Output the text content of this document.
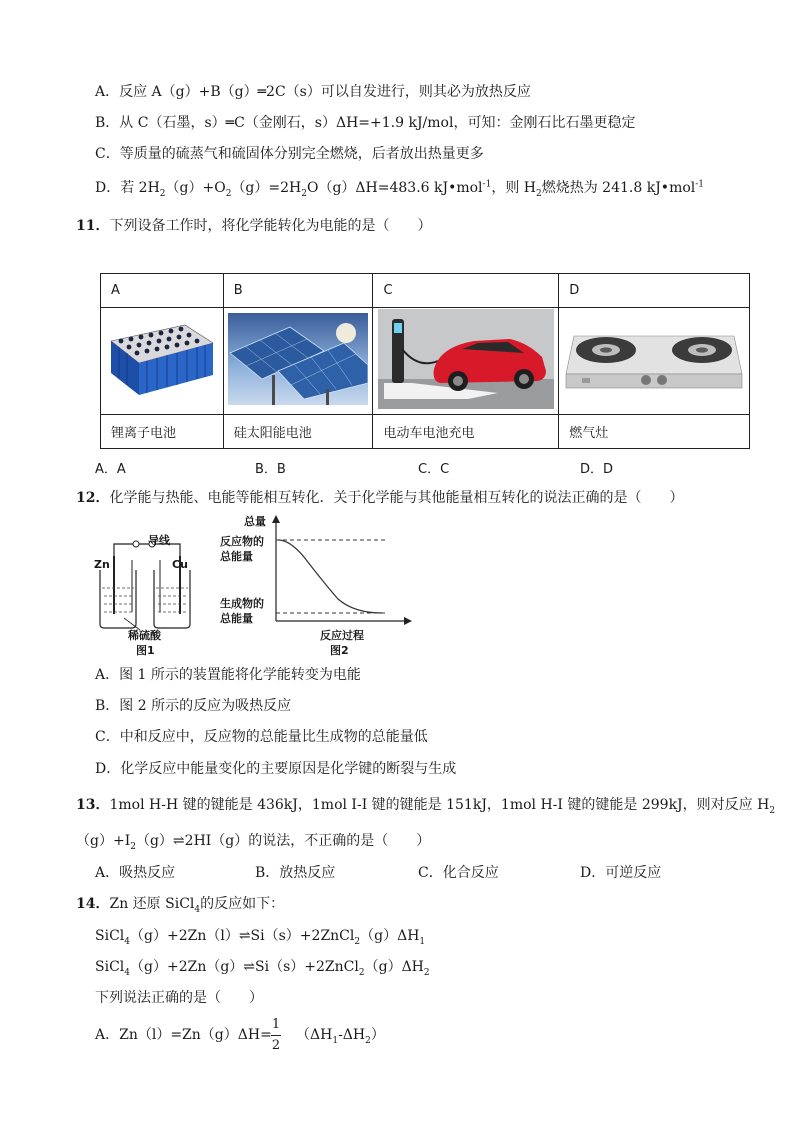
A．反应 A（g）+B（g）═2C（s）可以自发进行，则其必为放热反应
B．从 C（石墨，s）═C（金刚石，s）ΔH=+1.9 kJ/mol，可知：金刚石比石墨更稳定
C．等质量的硫蒸气和硫固体分别完全燃烧，后者放出热量更多
D．若 $2H_2(g)+O_2(g)=2H_2O(g)\Delta H=483.6$ kJ•mol$^{-1}$，则 $H_2$燃烧热为 241.8 kJ•mol$^{-1}$
11．下列设备工作时，将化学能转化为电能的是（　　）
A	B	C	D

锂离子电池	硅太阳能电池	电动车电池充电	燃气灶
A．A	B．B	C．C	D．D
12．化学能与热能、电能等能相互转化．关于化学能与其他能量相互转化的说法正确的是（　　）
导线
Zn	Cu
稀硫酸
图1
总量
反应物的
总能量
生成物的
总能量
反应过程
图2
A．图 1 所示的装置能将化学能转变为电能
B．图 2 所示的反应为吸热反应
C．中和反应中，反应物的总能量比生成物的总能量低
D．化学反应中能量变化的主要原因是化学键的断裂与生成
13．1mol H-H 键的键能是 436kJ，1mol I-I 键的键能是 151kJ，1mol H-I 键的键能是 299kJ，则对反应 $H_2$
$(g)+I_2(g)\rightleftharpoons 2HI(g)$的说法，不正确的是（　　）
A．吸热反应	B．放热反应	C．化合反应	D．可逆反应
14．Zn 还原 SiCl$_4$的反应如下：
$SiCl_4(g)+2Zn(l)\rightleftharpoons Si(s)+2ZnCl_2(g)\Delta H_1$
$SiCl_4(g)+2Zn(g)\rightleftharpoons Si(s)+2ZnCl_2(g)\Delta H_2$
下列说法正确的是（　　）
A．Zn（l）=Zn（g）ΔH=
1
2
$(\Delta H_1-\Delta H_2)$
